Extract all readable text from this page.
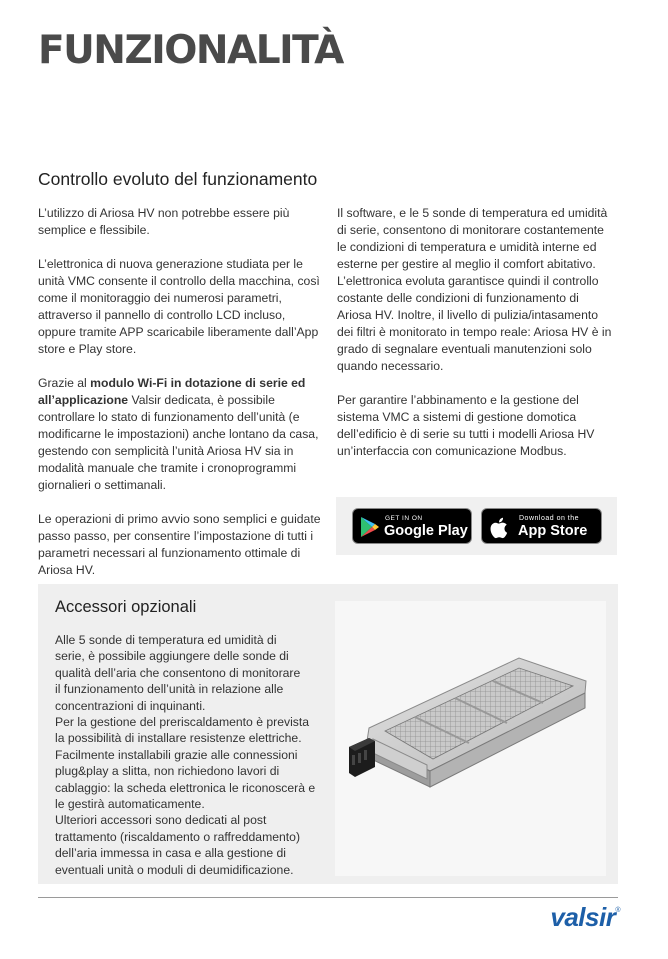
FUNZIONALITÀ
Controllo evoluto del funzionamento

L’utilizzo di Ariosa HV non potrebbe essere più semplice e flessibile.

L’elettronica di nuova generazione studiata per le unità VMC consente il controllo della macchina, così come il monitoraggio dei numerosi parametri, attraverso il pannello di controllo LCD incluso, oppure tramite APP scaricabile liberamente dall’App store e Play store.

Grazie al modulo Wi-Fi in dotazione di serie ed all’applicazione Valsir dedicata, è possibile controllare lo stato di funzionamento dell’unità (e modificarne le impostazioni) anche lontano da casa, gestendo con semplicità l’unità Ariosa HV sia in modalità manuale che tramite i cronoprogrammi giornalieri o settimanali.

Le operazioni di primo avvio sono semplici e guidate passo passo, per consentire l’impostazione di tutti i parametri necessari al funzionamento ottimale di Ariosa HV.

Il software, e le 5 sonde di temperatura ed umidità di serie, consentono di monitorare costantemente le condizioni di temperatura e umidità interne ed esterne per gestire al meglio il comfort abitativo. L’elettronica evoluta garantisce quindi il controllo costante delle condizioni di funzionamento di Ariosa HV. Inoltre, il livello di pulizia/intasamento dei filtri è monitorato in tempo reale: Ariosa HV è in grado di segnalare eventuali manutenzioni solo quando necessario.

Per garantire l’abbinamento e la gestione del sistema VMC a sistemi di gestione domotica dell’edificio è di serie su tutti i modelli Ariosa HV un’interfaccia con comunicazione Modbus.

GET IN ON
Google Play
Download on the
App Store
Accessori opzionali

Alle 5 sonde di temperatura ed umidità di

serie, è possibile aggiungere delle sonde di

qualità dell’aria che consentono di monitorare

il funzionamento dell’unità in relazione alle

concentrazioni di inquinanti.

Per la gestione del preriscaldamento è prevista

la possibilità di installare resistenze elettriche.

Facilmente installabili grazie alle connessioni

plug&play a slitta, non richiedono lavori di

cablaggio: la scheda elettronica le riconoscerà e

le gestirà automaticamente.

Ulteriori accessori sono dedicati al post

trattamento (riscaldamento o raffreddamento)

dell’aria immessa in casa e alla gestione di

eventuali unità o moduli di deumidificazione.

valsir®
